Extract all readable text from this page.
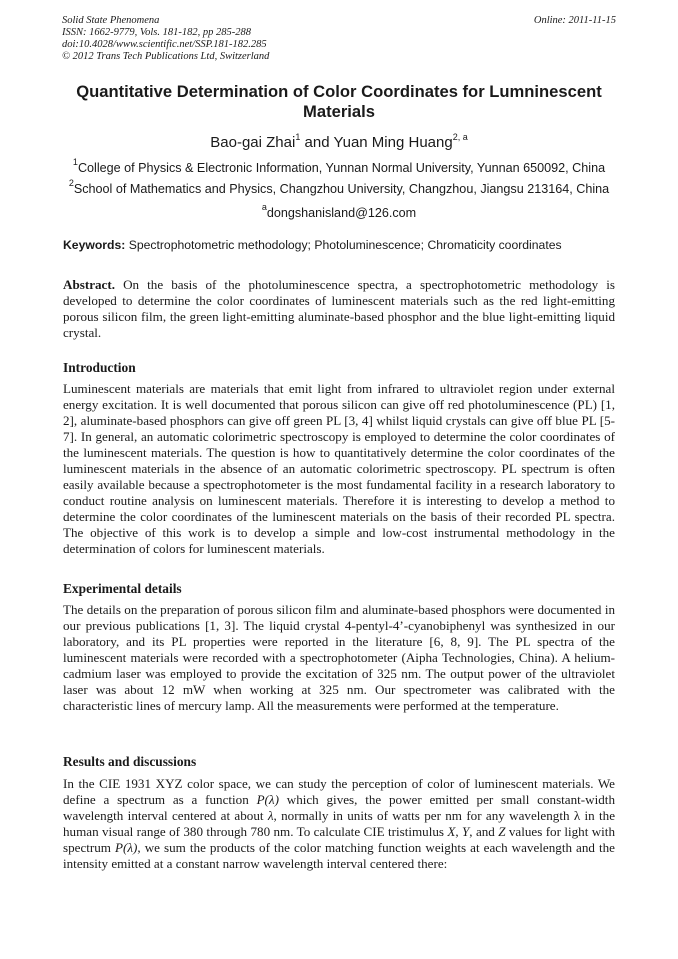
Solid State Phenomena
ISSN: 1662-9779, Vols. 181-182, pp 285-288
doi:10.4028/www.scientific.net/SSP.181-182.285
© 2012 Trans Tech Publications Ltd, Switzerland
Online: 2011-11-15
Quantitative Determination of Color Coordinates for Lumninescent Materials
Bao-gai Zhai$^1$ and Yuan Ming Huang$^{2, a}$
$^1$College of Physics & Electronic Information, Yunnan Normal University, Yunnan 650092, China
$^2$School of Mathematics and Physics, Changzhou University, Changzhou, Jiangsu 213164, China
$^a$dongshanisland@126.com
Keywords: Spectrophotometric methodology; Photoluminescence; Chromaticity coordinates

Abstract. On the basis of the photoluminescence spectra, a spectrophotometric methodology is developed to determine the color coordinates of luminescent materials such as the red light-emitting porous silicon film, the green light-emitting aluminate-based phosphor and the blue light-emitting liquid crystal.

Introduction

Luminescent materials are materials that emit light from infrared to ultraviolet region under external energy excitation. It is well documented that porous silicon can give off red photoluminescence (PL) [1, 2], aluminate-based phosphors can give off green PL [3, 4] whilst liquid crystals can give off blue PL [5-7]. In general, an automatic colorimetric spectroscopy is employed to determine the color coordinates of the luminescent materials. The question is how to quantitatively determine the color coordinates of the luminescent materials in the absence of an automatic colorimetric spectroscopy. PL spectrum is often easily available because a spectrophotometer is the most fundamental facility in a research laboratory to conduct routine analysis on luminescent materials. Therefore it is interesting to develop a method to determine the color coordinates of the luminescent materials on the basis of their recorded PL spectra. The objective of this work is to develop a simple and low-cost instrumental methodology in the determination of colors for luminescent materials.

Experimental details

The details on the preparation of porous silicon film and aluminate-based phosphors were documented in our previous publications [1, 3]. The liquid crystal 4-pentyl-4’-cyanobiphenyl was synthesized in our laboratory, and its PL properties were reported in the literature [6, 8, 9]. The PL spectra of the luminescent materials were recorded with a spectrophotometer (Aipha Technologies, China). A helium-cadmium laser was employed to provide the excitation of 325 nm. The output power of the ultraviolet laser was about 12 mW when working at 325 nm. Our spectrometer was calibrated with the characteristic lines of mercury lamp. All the measurements were performed at the temperature.

Results and discussions

In the CIE 1931 XYZ color space, we can study the perception of color of luminescent materials. We define a spectrum as a function P(λ) which gives, the power emitted per small constant-width wavelength interval centered at about λ, normally in units of watts per nm for any wavelength λ in the human visual range of 380 through 780 nm. To calculate CIE tristimulus X, Y, and Z values for light with spectrum P(λ), we sum the products of the color matching function weights at each wavelength and the intensity emitted at a constant narrow wavelength interval centered there:
